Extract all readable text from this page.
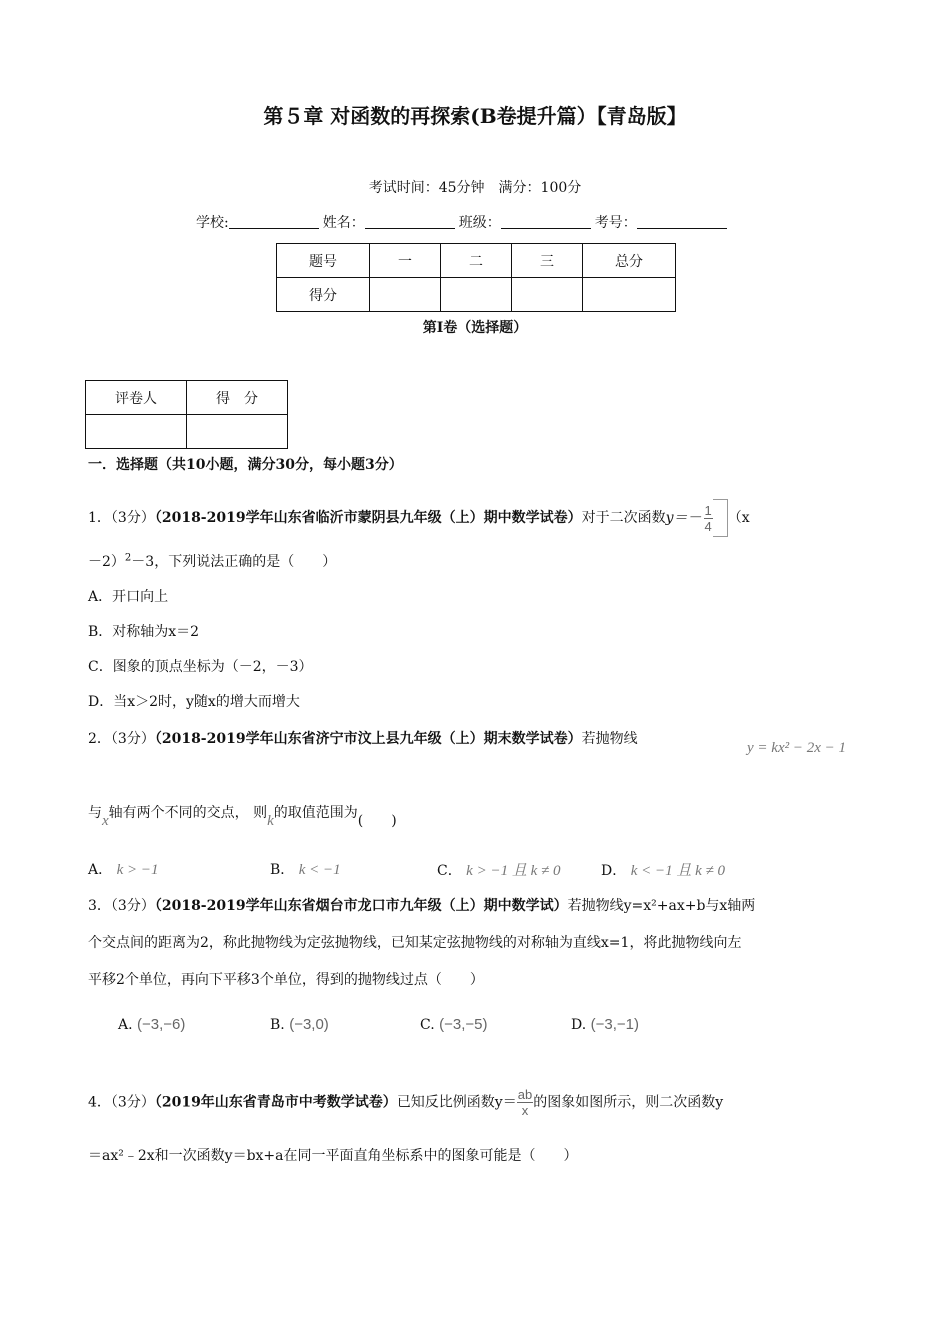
第５章 对函数的再探索(B卷提升篇）【青岛版】
考试时间：45分钟　满分：100分
学校:	姓名：	班级：	考号：
题号	一	二	三	总分
得分				
第Ⅰ卷（选择题）
评卷人	得　分

一．选择题（共10小题，满分30分，每小题3分）
1．（3分）（2018-2019学年山东省临沂市蒙阴县九年级（上）期中数学试卷）对于二次函数$y=- \frac{1}{4} (x$
－2）$^2$－3，下列说法正确的是（　　）
A．开口向上
B．对称轴为x＝2
C．图象的顶点坐标为（－2，－3）
D．当x＞2时，y随x的增大而增大
2．（3分）（2018-2019学年山东省济宁市汶上县九年级（上）期末数学试卷）若抛物线
y = kx² − 2x − 1
与x轴有两个不同的交点， 则k的取值范围为(　　)
A． k > −1	B． k < −1	C． k > −1 且 k ≠ 0	D． k < −1 且 k ≠ 0
3．（3分）（2018-2019学年山东省烟台市龙口市九年级（上）期中数学试）若抛物线y=x²+ax+b与x轴两
个交点间的距离为2，称此抛物线为定弦抛物线，已知某定弦抛物线的对称轴为直线x=1，将此抛物线向左
平移2个单位，再向下平移3个单位，得到的抛物线过点（　　）
A. (−3,−6)	B. (−3,0)	C. (−3,−5)	D. (−3,−1)
4．（3分）（2019年山东省青岛市中考数学试卷）已知反比例函数$y= \frac{ab}{x}$ 的图象如图所示，则二次函数y
＝ax²﹣2x和一次函数y＝bx+a在同一平面直角坐标系中的图象可能是（　　）
